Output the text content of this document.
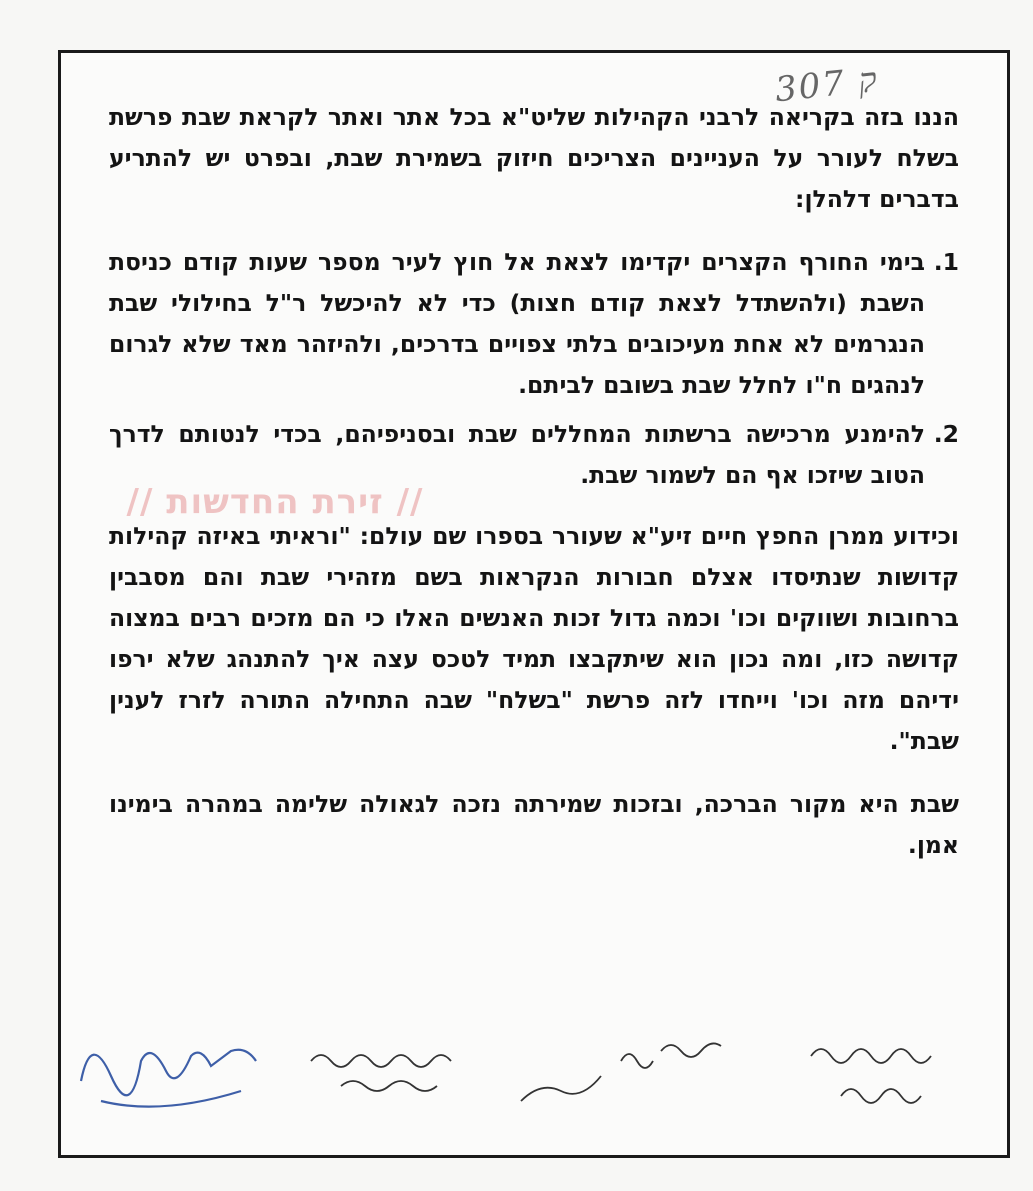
ק 307

הננו בזה בקריאה לרבני הקהילות שליט"א בכל אתר ואתר לקראת שבת פרשת בשלח לעורר על העניינים הצריכים חיזוק בשמירת שבת, ובפרט יש להתריע בדברים דלהלן:

1.
בימי החורף הקצרים יקדימו לצאת אל חוץ לעיר מספר שעות קודם כניסת השבת (ולהשתדל לצאת קודם חצות) כדי לא להיכשל ר"ל בחילולי שבת הנגרמים לא אחת מעיכובים בלתי צפויים בדרכים, ולהיזהר מאד שלא לגרום לנהגים ח"ו לחלל שבת בשובם לביתם.
2.
להימנע מרכישה ברשתות המחללים שבת ובסניפיהם, בכדי לנטותם לדרך הטוב שיזכו אף הם לשמור שבת.

וכידוע ממרן החפץ חיים זיע"א שעורר בספרו שם עולם: "וראיתי באיזה קהילות קדושות שנתיסדו אצלם חבורות הנקראות בשם מזהירי שבת והם מסבבין ברחובות ושווקים וכו' וכמה גדול זכות האנשים האלו כי הם מזכים רבים במצוה קדושה כזו, ומה נכון הוא שיתקבצו תמיד לטכס עצה איך להתנהג שלא ירפו ידיהם מזה וכו' וייחדו לזה פרשת "בשלח" שבה התחילה התורה לזרז לענין שבת".

שבת היא מקור הברכה, ובזכות שמירתה נזכה לגאולה שלימה במהרה בימינו אמן.

// זירת החדשות //
